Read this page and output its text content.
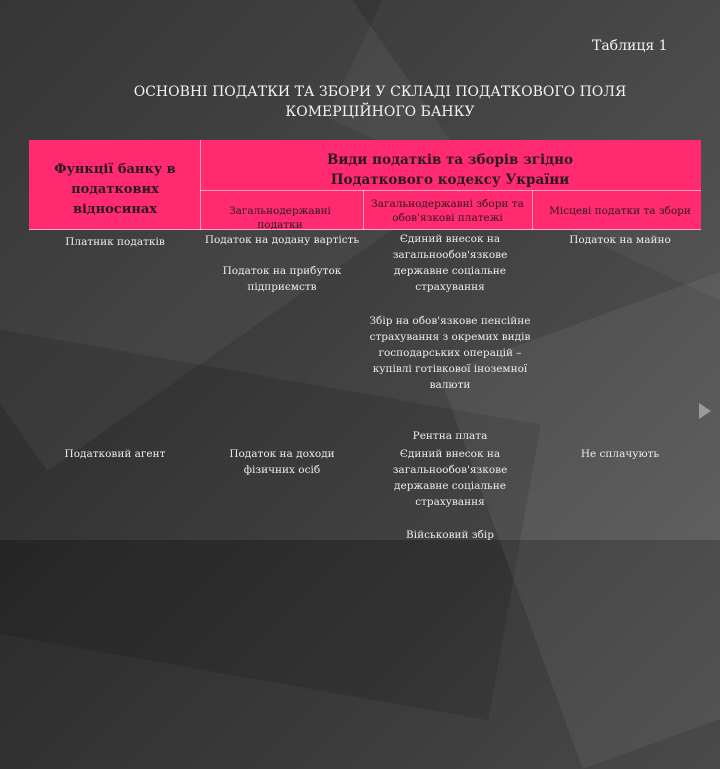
Таблиця 1
ОСНОВНІ ПОДАТКИ ТА ЗБОРИ У СКЛАДІ ПОДАТКОВОГО ПОЛЯ
КОМЕРЦІЙНОГО БАНКУ
Функції банку в податкових відносинах
Види податків та зборів згідно Податкового кодексу України
Загальнодержавні податки
Загальнодержавні збори та обов'язкові платежі
Місцеві податки та збори
Платник податків	Податок на додану вартість
Податок на прибуток підприємств
Єдиний внесок на загальнообов'язкове державне соціальне страхування
Збір на обов'язкове пенсійне страхування з окремих видів господарських операцій – купівлі готівкової іноземної валюти
Рентна плата
Податок на майно
Податковий агент	Податок на доходи фізичних осіб
Єдиний внесок на загальнообов'язкове державне соціальне страхування
Військовий збір
Не сплачують
